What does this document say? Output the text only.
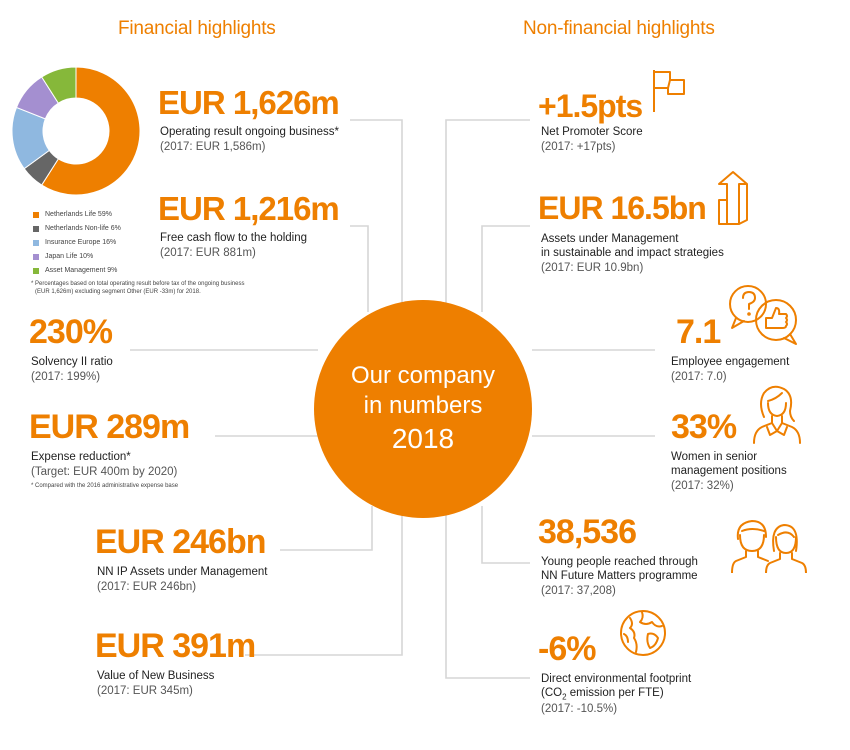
Financial highlights	Non-financial highlights
Netherlands Life 59%
Netherlands Non-life 6%
Insurance Europe 16%
Japan Life 10%
Asset Management 9%
* Percentages based on total operating result before tax of the ongoing business
(EUR 1,626m) excluding segment Other (EUR -33m) for 2018.
EUR 1,626m
Operating result ongoing business*
(2017: EUR 1,586m)
EUR 1,216m
Free cash flow to the holding
(2017: EUR 881m)
230%
Solvency II ratio
(2017: 199%)
EUR 289m
Expense reduction*
(Target: EUR 400m by 2020)
* Compared with the 2016 administrative expense base
EUR 246bn
NN IP Assets under Management
(2017: EUR 246bn)
EUR 391m
Value of New Business
(2017: EUR 345m)
Our company
in numbers
2018
+1.5pts
Net Promoter Score
(2017: +17pts)
EUR 16.5bn
Assets under Management
in sustainable and impact strategies
(2017: EUR 10.9bn)
7.1
Employee engagement
(2017: 7.0)
33%
Women in senior
management positions
(2017: 32%)
38,536
Young people reached through
NN Future Matters programme
(2017: 37,208)
-6%
Direct environmental footprint
($CO_2$ emission per FTE)
(2017: -10.5%)
